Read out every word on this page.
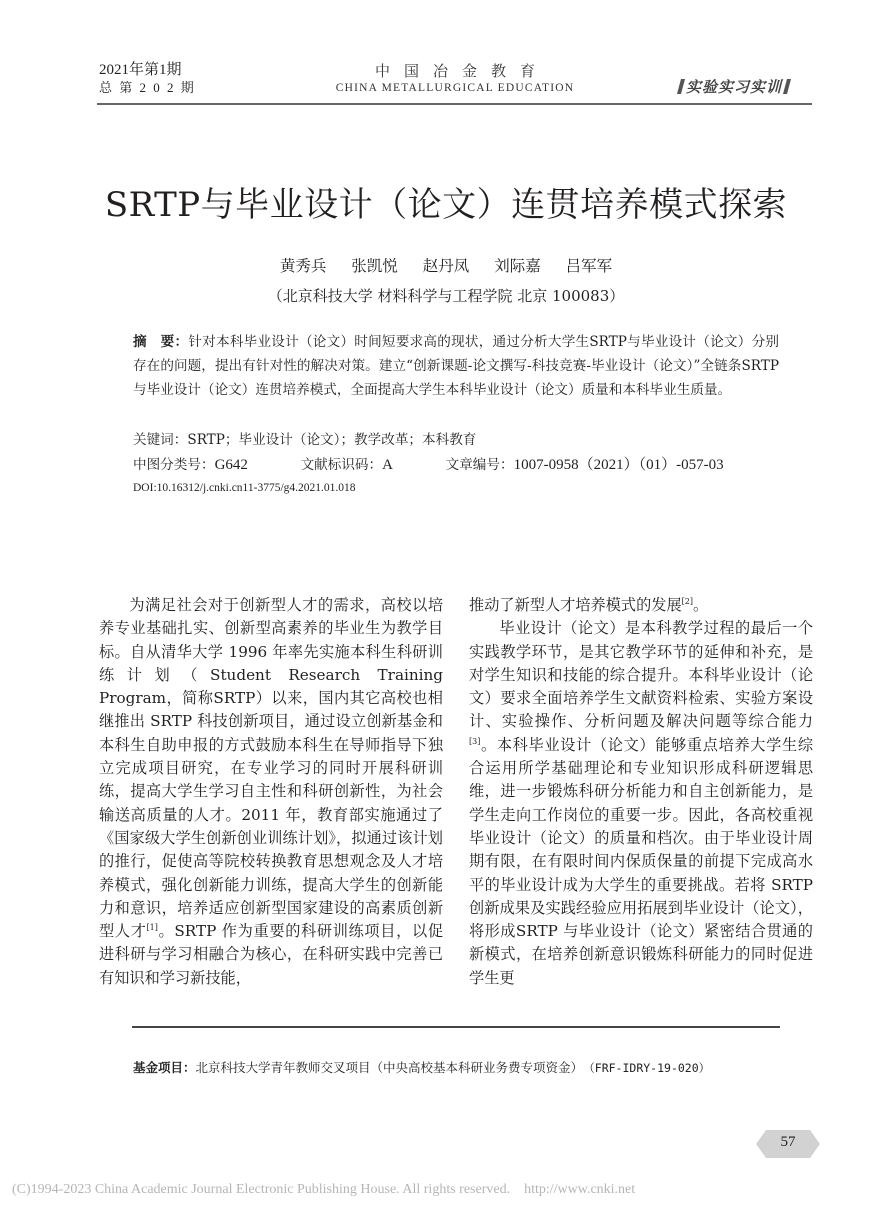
2021年第1期
总 第 2 0 2 期
中国冶金教育
CHINA METALLURGICAL EDUCATION	实验实习实训
SRTP与毕业设计（论文）连贯培养模式探索
黄秀兵 张凯悦 赵丹凤 刘际嘉 吕军军
（北京科技大学 材料科学与工程学院 北京 100083）
摘　要：针对本科毕业设计（论文）时间短要求高的现状，通过分析大学生SRTP与毕业设计（论文）分别存在的问题，提出有针对性的解决对策。建立“创新课题-论文撰写-科技竞赛-毕业设计（论文）”全链条SRTP与毕业设计（论文）连贯培养模式，全面提高大学生本科毕业设计（论文）质量和本科毕业生质量。
关键词：SRTP；毕业设计（论文）；教学改革；本科教育
中图分类号：G642	文献标识码：A	文章编号：1007-0958（2021）（01）-057-03
DOI:10.16312/j.cnki.cn11-3775/g4.2021.01.018

为满足社会对于创新型人才的需求，高校以培养专业基础扎实、创新型高素养的毕业生为教学目标。自从清华大学 1996 年率先实施本科生科研训练计划（Student Research Training Program，简称SRTP）以来，国内其它高校也相继推出 SRTP 科技创新项目，通过设立创新基金和本科生自助申报的方式鼓励本科生在导师指导下独立完成项目研究，在专业学习的同时开展科研训练，提高大学生学习自主性和科研创新性，为社会输送高质量的人才。2011 年，教育部实施通过了《国家级大学生创新创业训练计划》，拟通过该计划的推行，促使高等院校转换教育思想观念及人才培养模式，强化创新能力训练，提高大学生的创新能力和意识，培养适应创新型国家建设的高素质创新型人才[1]。SRTP 作为重要的科研训练项目，以促进科研与学习相融合为核心，在科研实践中完善已有知识和学习新技能，

推动了新型人才培养模式的发展[2]。

毕业设计（论文）是本科教学过程的最后一个实践教学环节，是其它教学环节的延伸和补充，是对学生知识和技能的综合提升。本科毕业设计（论文）要求全面培养学生文献资料检索、实验方案设计、实验操作、分析问题及解决问题等综合能力[3]。本科毕业设计（论文）能够重点培养大学生综合运用所学基础理论和专业知识形成科研逻辑思维，进一步锻炼科研分析能力和自主创新能力，是学生走向工作岗位的重要一步。因此，各高校重视毕业设计（论文）的质量和档次。由于毕业设计周期有限，在有限时间内保质保量的前提下完成高水平的毕业设计成为大学生的重要挑战。若将 SRTP 创新成果及实践经验应用拓展到毕业设计（论文），将形成SRTP 与毕业设计（论文）紧密结合贯通的新模式，在培养创新意识锻炼科研能力的同时促进学生更

基金项目：北京科技大学青年教师交叉项目（中央高校基本科研业务费专项资金） （FRF-IDRY-19-020）
57
(C)1994-2023 China Academic Journal Electronic Publishing House. All rights reserved. http://www.cnki.net
